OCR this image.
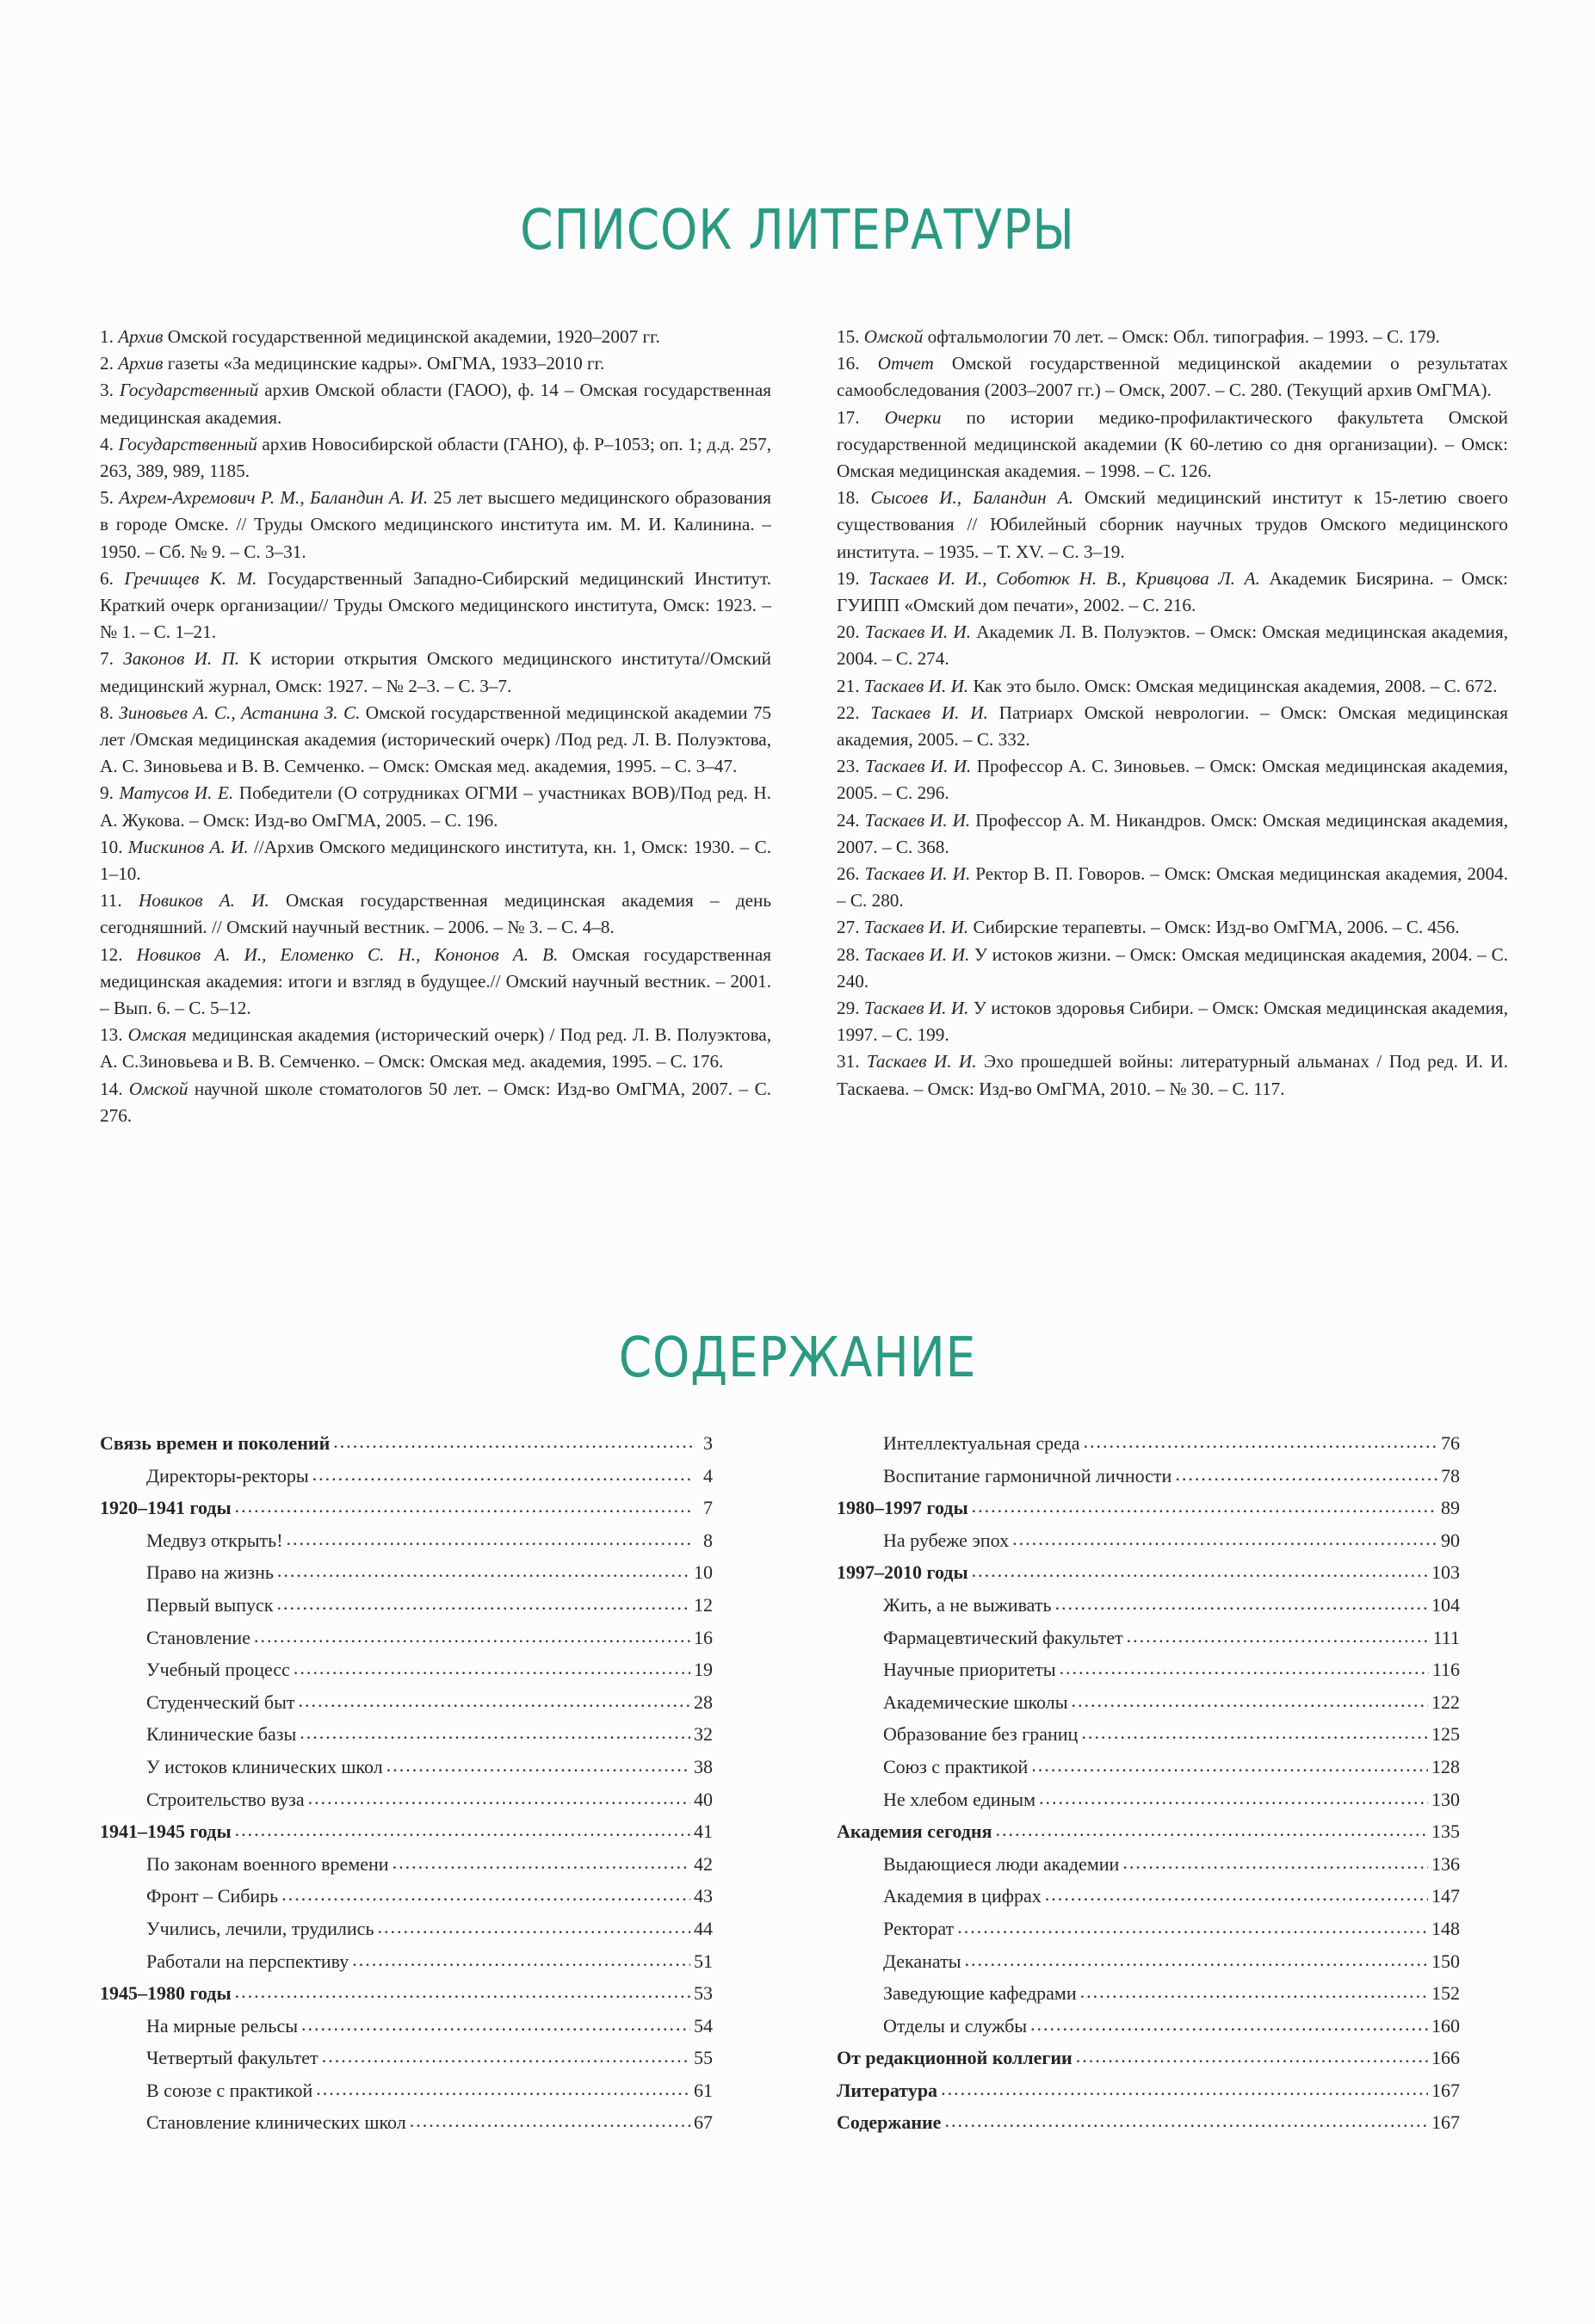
СПИСОК ЛИТЕРАТУРЫ
1. Архив Омской государственной медицинской академии, 1920–2007 гг.
2. Архив газеты «За медицинские кадры». ОмГМА, 1933–2010 гг.
3. Государственный архив Омской области (ГАОО), ф. 14 – Омская государственная медицинская академия.
4. Государственный архив Новосибирской области (ГАНО), ф. Р–1053; оп. 1; д.д. 257, 263, 389, 989, 1185.
5. Ахрем-Ахремович Р. М., Баландин А. И. 25 лет высшего медицинского образования в городе Омске. // Труды Омского медицинского института им. М. И. Калинина. –1950. – Сб. № 9. – С. 3–31.
6. Гречищев К. М. Государственный Западно-Сибирский медицинский Институт. Краткий очерк организации// Труды Омского медицинского института, Омск: 1923. – № 1. – С. 1–21.
7. Законов И. П. К истории открытия Омского медицинского института//Омский медицинский журнал, Омск: 1927. – № 2–3. – С. 3–7.
8. Зиновьев А. С., Астанина З. С. Омской государственной медицинской академии 75 лет /Омская медицинская академия (исторический очерк) /Под ред. Л. В. Полуэктова, А. С. Зиновьева и В. В. Семченко. – Омск: Омская мед. академия, 1995. – С. 3–47.
9. Матусов И. Е. Победители (О сотрудниках ОГМИ – участниках ВОВ)/Под ред. Н. А. Жукова. – Омск: Изд-во ОмГМА, 2005. – С. 196.
10. Мискинов А. И. //Архив Омского медицинского института, кн. 1, Омск: 1930. – С. 1–10.
11. Новиков А. И. Омская государственная медицинская академия – день сегодняшний. // Омский научный вестник. – 2006. – № 3. – С. 4–8.
12. Новиков А. И., Еломенко С. Н., Кононов А. В. Омская государственная медицинская академия: итоги и взгляд в будущее.// Омский научный вестник. – 2001. – Вып. 6. – С. 5–12.
13. Омская медицинская академия (исторический очерк) / Под ред. Л. В. Полуэктова, А. С.Зиновьева и В. В. Семченко. – Омск: Омская мед. академия, 1995. – С. 176.
14. Омской научной школе стоматологов 50 лет. – Омск: Изд-во ОмГМА, 2007. – С. 276.
15. Омской офтальмологии 70 лет. – Омск: Обл. типография. – 1993. – С. 179.
16. Отчет Омской государственной медицинской академии о результатах самообследования (2003–2007 гг.) – Омск, 2007. – С. 280. (Текущий архив ОмГМА).
17. Очерки по истории медико-профилактического факультета Омской государственной медицинской академии (К 60-летию со дня организации). – Омск: Омская медицинская академия. – 1998. – С. 126.
18. Сысоев И., Баландин А. Омский медицинский институт к 15-летию своего существования // Юбилейный сборник научных трудов Омского медицинского института. – 1935. – Т. XV. – С. 3–19.
19. Таскаев И. И., Соботюк Н. В., Кривцова Л. А. Академик Бисярина. – Омск: ГУИПП «Омский дом печати», 2002. – С. 216.
20. Таскаев И. И. Академик Л. В. Полуэктов. – Омск: Омская медицинская академия, 2004. – С. 274.
21. Таскаев И. И. Как это было. Омск: Омская медицинская академия, 2008. – С. 672.
22. Таскаев И. И. Патриарх Омской неврологии. – Омск: Омская медицинская академия, 2005. – С. 332.
23. Таскаев И. И. Профессор А. С. Зиновьев. – Омск: Омская медицинская академия, 2005. – С. 296.
24. Таскаев И. И. Профессор А. М. Никандров. Омск: Омская медицинская академия, 2007. – С. 368.
26. Таскаев И. И. Ректор В. П. Говоров. – Омск: Омская медицинская академия, 2004. – С. 280.
27. Таскаев И. И. Сибирские терапевты. – Омск: Изд-во ОмГМА, 2006. – С. 456.
28. Таскаев И. И. У истоков жизни. – Омск: Омская медицинская академия, 2004. – С. 240.
29. Таскаев И. И. У истоков здоровья Сибири. – Омск: Омская медицинская академия, 1997. – С. 199.
31. Таскаев И. И. Эхо прошедшей войны: литературный альманах / Под ред. И. И. Таскаева. – Омск: Изд-во ОмГМА, 2010. – № 30. – С. 117.
СОДЕРЖАНИЕ
Связь времен и поколений .....	3
Директоры-ректоры .....	4
1920–1941 годы .....	7
Медвуз открыть! .....	8
Право на жизнь .....	10
Первый выпуск .....	12
Становление .....	16
Учебный процесс .....	19
Студенческий быт .....	28
Клинические базы .....	32
У истоков клинических школ .....	38
Строительство вуза .....	40
1941–1945 годы .....	41
По законам военного времени .....	42
Фронт – Сибирь .....	43
Учились, лечили, трудились .....	44
Работали на перспективу .....	51
1945–1980 годы .....	53
На мирные рельсы .....	54
Четвертый факультет .....	55
В союзе с практикой .....	61
Становление клинических школ .....	67
Интеллектуальная среда .....	76
Воспитание гармоничной личности .....	78
1980–1997 годы .....	89
На рубеже эпох .....	90
1997–2010 годы .....	103
Жить, а не выживать .....	104
Фармацевтический факультет .....	111
Научные приоритеты .....	116
Академические школы .....	122
Образование без границ .....	125
Союз с практикой .....	128
Не хлебом единым .....	130
Академия сегодня .....	135
Выдающиеся люди академии .....	136
Академия в цифрах .....	147
Ректорат .....	148
Деканаты .....	150
Заведующие кафедрами .....	152
Отделы и службы .....	160
От редакционной коллегии .....	166
Литература .....	167
Содержание .....	167
